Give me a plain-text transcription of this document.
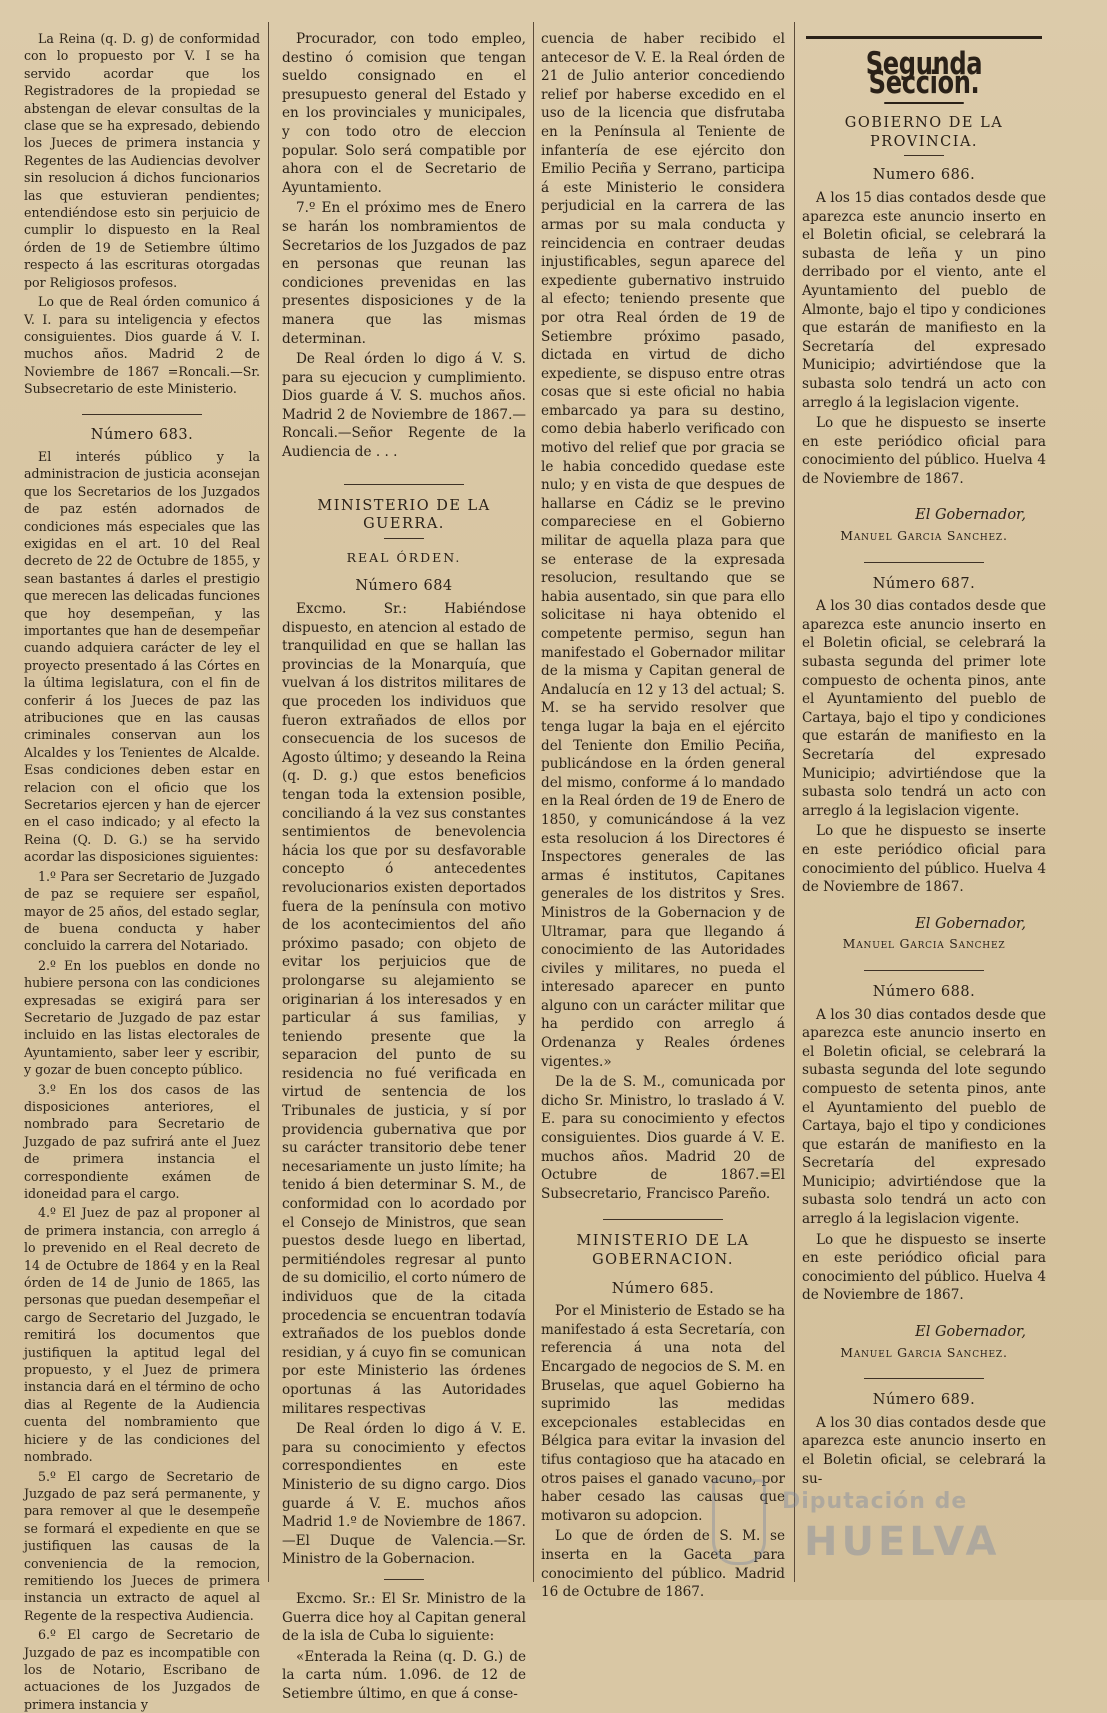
La Reina (q. D. g) de conformidad con lo propuesto por V. I se ha servido acordar que los Registradores de la propiedad se abstengan de elevar consultas de la clase que se ha expresado, debiendo los Jueces de primera instancia y Regentes de las Audiencias devolver sin resolucion á dichos funcionarios las que estuvieran pendientes; entendiéndose esto sin perjuicio de cumplir lo dispuesto en la Real órden de 19 de Setiembre último respecto á las escrituras otorgadas por Religiosos profesos.

Lo que de Real órden comunico á V. I. para su inteligencia y efectos consiguientes. Dios guarde á V. I. muchos años. Madrid 2 de Noviembre de 1867 =Roncali.—Sr. Subsecretario de este Ministerio.

Número 683.

El interés público y la administracion de justicia aconsejan que los Secretarios de los Juzgados de paz estén adornados de condiciones más especiales que las exigidas en el art. 10 del Real decreto de 22 de Octubre de 1855, y sean bastantes á darles el prestigio que merecen las delicadas funciones que hoy desempeñan, y las importantes que han de desempeñar cuando adquiera carácter de ley el proyecto presentado á las Córtes en la última legislatura, con el fin de conferir á los Jueces de paz las atribuciones que en las causas criminales conservan aun los Alcaldes y los Tenientes de Alcalde. Esas condiciones deben estar en relacion con el oficio que los Secretarios ejercen y han de ejercer en el caso indicado; y al efecto la Reina (Q. D. G.) se ha servido acordar las disposiciones siguientes:

1.º Para ser Secretario de Juzgado de paz se requiere ser español, mayor de 25 años, del estado seglar, de buena conducta y haber concluido la carrera del Notariado.

2.º En los pueblos en donde no hubiere persona con las condiciones expresadas se exigirá para ser Secretario de Juzgado de paz estar incluido en las listas electorales de Ayuntamiento, saber leer y escribir, y gozar de buen concepto público.

3.º En los dos casos de las disposiciones anteriores, el nombrado para Secretario de Juzgado de paz sufrirá ante el Juez de primera instancia el correspondiente exámen de idoneidad para el cargo.

4.º El Juez de paz al proponer al de primera instancia, con arreglo á lo prevenido en el Real decreto de 14 de Octubre de 1864 y en la Real órden de 14 de Junio de 1865, las personas que puedan desempeñar el cargo de Secretario del Juzgado, le remitirá los documentos que justifiquen la aptitud legal del propuesto, y el Juez de primera instancia dará en el término de ocho dias al Regente de la Audiencia cuenta del nombramiento que hiciere y de las condiciones del nombrado.

5.º El cargo de Secretario de Juzgado de paz será permanente, y para remover al que le desempeñe se formará el expediente en que se justifiquen las causas de la conveniencia de la remocion, remitiendo los Jueces de primera instancia un extracto de aquel al Regente de la respectiva Audiencia.

6.º El cargo de Secretario de Juzgado de paz es incompatible con los de Notario, Escribano de actuaciones de los Juzgados de primera instancia y

Procurador, con todo empleo, destino ó comision que tengan sueldo consignado en el presupuesto general del Estado y en los provinciales y municipales, y con todo otro de eleccion popular. Solo será compatible por ahora con el de Secretario de Ayuntamiento.

7.º En el próximo mes de Enero se harán los nombramientos de Secretarios de los Juzgados de paz en personas que reunan las condiciones prevenidas en las presentes disposiciones y de la manera que las mismas determinan.

De Real órden lo digo á V. S. para su ejecucion y cumplimiento. Dios guarde á V. S. muchos años. Madrid 2 de Noviembre de 1867.—Roncali.—Señor Regente de la Audiencia de . . .

MINISTERIO DE LA GUERRA.
REAL ÓRDEN.
Número 684

Excmo. Sr.: Habiéndose dispuesto, en atencion al estado de tranquilidad en que se hallan las provincias de la Monarquía, que vuelvan á los distritos militares de que proceden los individuos que fueron extrañados de ellos por consecuencia de los sucesos de Agosto último; y deseando la Reina (q. D. g.) que estos beneficios tengan toda la extension posible, conciliando á la vez sus constantes sentimientos de benevolencia hácia los que por su desfavorable concepto ó antecedentes revolucionarios existen deportados fuera de la península con motivo de los acontecimientos del año próximo pasado; con objeto de evitar los perjuicios que de prolongarse su alejamiento se originarian á los interesados y en particular á sus familias, y teniendo presente que la separacion del punto de su residencia no fué verificada en virtud de sentencia de los Tribunales de justicia, y sí por providencia gubernativa que por su carácter transitorio debe tener necesariamente un justo límite; ha tenido á bien determinar S. M., de conformidad con lo acordado por el Consejo de Ministros, que sean puestos desde luego en libertad, permitiéndoles regresar al punto de su domicilio, el corto número de individuos que de la citada procedencia se encuentran todavía extrañados de los pueblos donde residian, y á cuyo fin se comunican por este Ministerio las órdenes oportunas á las Autoridades militares respectivas

De Real órden lo digo á V. E. para su conocimiento y efectos correspondientes en este Ministerio de su digno cargo. Dios guarde á V. E. muchos años Madrid 1.º de Noviembre de 1867.—El Duque de Valencia.—Sr. Ministro de la Gobernacion.

Excmo. Sr.: El Sr. Ministro de la Guerra dice hoy al Capitan general de la isla de Cuba lo siguiente:

«Enterada la Reina (q. D. G.) de la carta núm. 1.096. de 12 de Setiembre último, en que á conse-

cuencia de haber recibido el antecesor de V. E. la Real órden de 21 de Julio anterior concediendo relief por haberse excedido en el uso de la licencia que disfrutaba en la Península al Teniente de infantería de ese ejército don Emilio Peciña y Serrano, participa á este Ministerio le considera perjudicial en la carrera de las armas por su mala conducta y reincidencia en contraer deudas injustificables, segun aparece del expediente gubernativo instruido al efecto; teniendo presente que por otra Real órden de 19 de Setiembre próximo pasado, dictada en virtud de dicho expediente, se dispuso entre otras cosas que si este oficial no habia embarcado ya para su destino, como debia haberlo verificado con motivo del relief que por gracia se le habia concedido quedase este nulo; y en vista de que despues de hallarse en Cádiz se le previno compareciese en el Gobierno militar de aquella plaza para que se enterase de la expresada resolucion, resultando que se habia ausentado, sin que para ello solicitase ni haya obtenido el competente permiso, segun han manifestado el Gobernador militar de la misma y Capitan general de Andalucía en 12 y 13 del actual; S. M. se ha servido resolver que tenga lugar la baja en el ejército del Teniente don Emilio Peciña, publicándose en la órden general del mismo, conforme á lo mandado en la Real órden de 19 de Enero de 1850, y comunicándose á la vez esta resolucion á los Directores é Inspectores generales de las armas é institutos, Capitanes generales de los distritos y Sres. Ministros de la Gobernacion y de Ultramar, para que llegando á conocimiento de las Autoridades civiles y militares, no pueda el interesado aparecer en punto alguno con un carácter militar que ha perdido con arreglo á Ordenanza y Reales órdenes vigentes.»

De la de S. M., comunicada por dicho Sr. Ministro, lo traslado á V. E. para su conocimiento y efectos consiguientes. Dios guarde á V. E. muchos años. Madrid 20 de Octubre de 1867.=El Subsecretario, Francisco Pareño.

MINISTERIO DE LA GOBERNACION.
Número 685.

Por el Ministerio de Estado se ha manifestado á esta Secretaría, con referencia á una nota del Encargado de negocios de S. M. en Bruselas, que aquel Gobierno ha suprimido las medidas excepcionales establecidas en Bélgica para evitar la invasion del tifus contagioso que ha atacado en otros paises el ganado vacuno, por haber cesado las causas que motivaron su adopcion.

Lo que de órden de S. M. se inserta en la Gaceta para conocimiento del público. Madrid 16 de Octubre de 1867.

Segunda Seccion.
GOBIERNO DE LA PROVINCIA.
Numero 686.

A los 15 dias contados desde que aparezca este anuncio inserto en el Boletin oficial, se celebrará la subasta de leña y un pino derribado por el viento, ante el Ayuntamiento del pueblo de Almonte, bajo el tipo y condiciones que estarán de manifiesto en la Secretaría del expresado Municipio; advirtiéndose que la subasta solo tendrá un acto con arreglo á la legislacion vigente.

Lo que he dispuesto se inserte en este periódico oficial para conocimiento del público. Huelva 4 de Noviembre de 1867.

El Gobernador,
Manuel Garcia Sanchez.
Número 687.

A los 30 dias contados desde que aparezca este anuncio inserto en el Boletin oficial, se celebrará la subasta segunda del primer lote compuesto de ochenta pinos, ante el Ayuntamiento del pueblo de Cartaya, bajo el tipo y condiciones que estarán de manifiesto en la Secretaría del expresado Municipio; advirtiéndose que la subasta solo tendrá un acto con arreglo á la legislacion vigente.

Lo que he dispuesto se inserte en este periódico oficial para conocimiento del público. Huelva 4 de Noviembre de 1867.

El Gobernador,
Manuel Garcia Sanchez
Número 688.

A los 30 dias contados desde que aparezca este anuncio inserto en el Boletin oficial, se celebrará la subasta segunda del lote segundo compuesto de setenta pinos, ante el Ayuntamiento del pueblo de Cartaya, bajo el tipo y condiciones que estarán de manifiesto en la Secretaría del expresado Municipio; advirtiéndose que la subasta solo tendrá un acto con arreglo á la legislacion vigente.

Lo que he dispuesto se inserte en este periódico oficial para conocimiento del público. Huelva 4 de Noviembre de 1867.

El Gobernador,
Manuel Garcia Sanchez.
Número 689.

A los 30 dias contados desde que aparezca este anuncio inserto en el Boletin oficial, se celebrará la su-

Diputación de
HUELVA
